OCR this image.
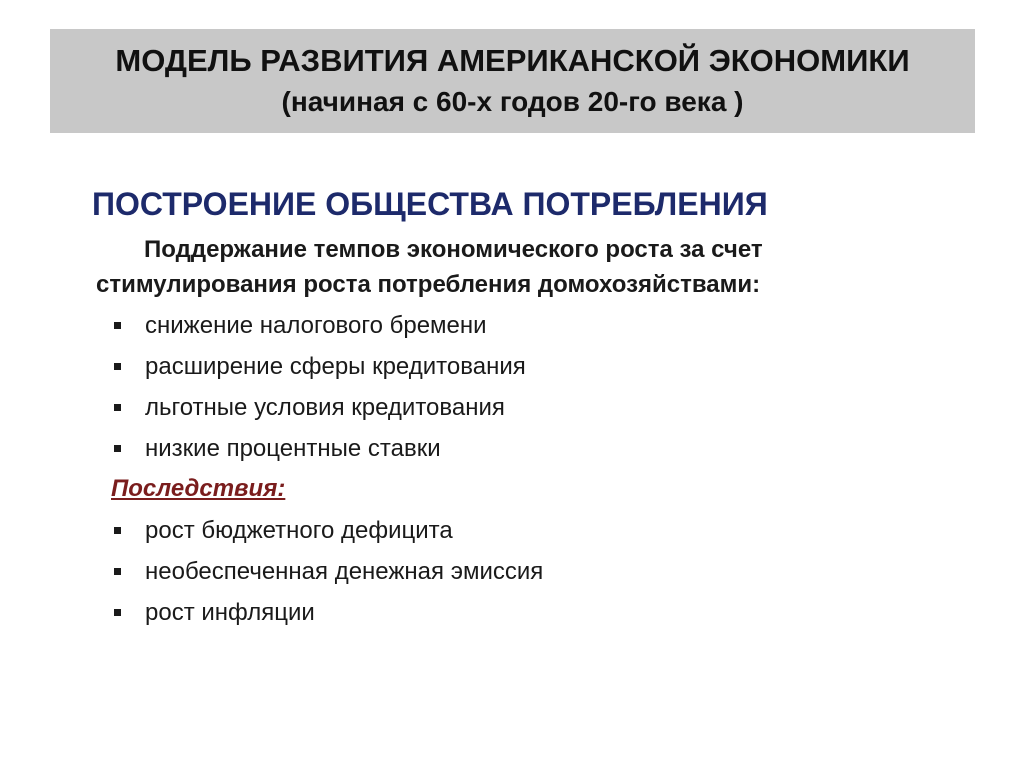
МОДЕЛЬ РАЗВИТИЯ АМЕРИКАНСКОЙ ЭКОНОМИКИ
(начиная с 60-х годов 20-го века )
ПОСТРОЕНИЕ ОБЩЕСТВА ПОТРЕБЛЕНИЯ
Поддержание темпов экономического роста за счет
стимулирования роста потребления домохозяйствами:
снижение налогового бремени
расширение сферы кредитования
льготные условия кредитования
низкие процентные ставки
Последствия:
рост бюджетного дефицита
необеспеченная денежная эмиссия
рост инфляции
